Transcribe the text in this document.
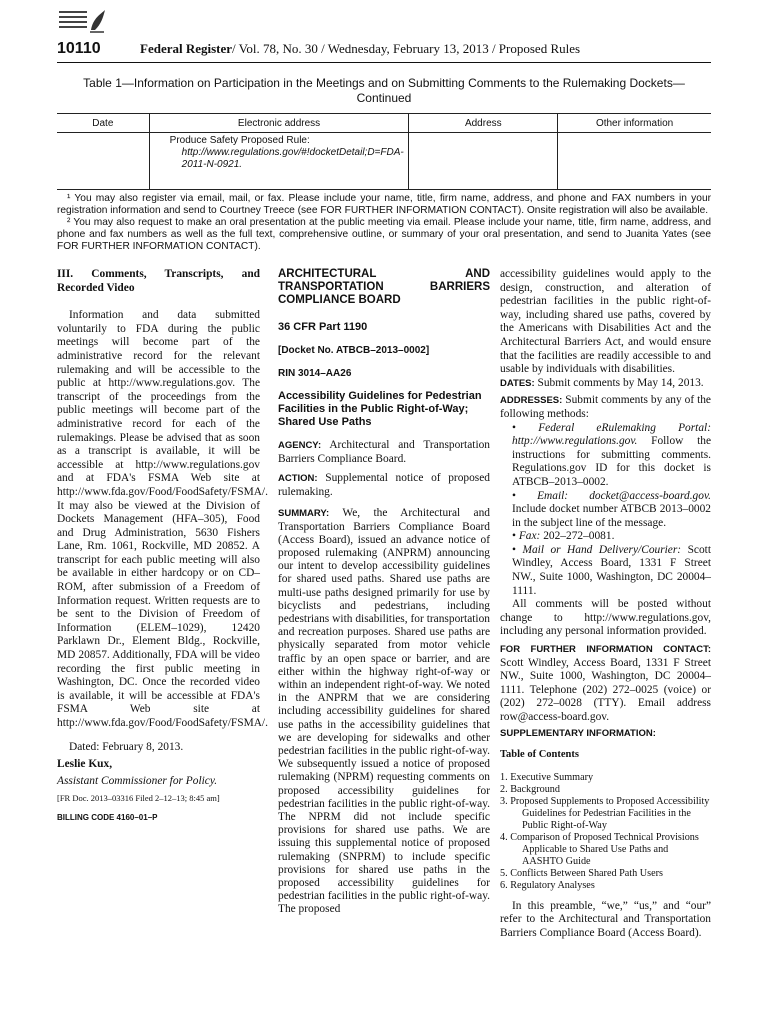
10110	Federal Register/ Vol. 78, No. 30 / Wednesday, February 13, 2013 / Proposed Rules
Table 1—Information on Participation in the Meetings and on Submitting Comments to the Rulemaking Dockets—Continued
Date	Electronic address	Address	Other information
	Produce Safety Proposed Rule:
http://www.regulations.gov/#!docketDetail;D=FDA-2011-N-0921.		

¹ You may also register via email, mail, or fax. Please include your name, title, firm name, address, and phone and FAX numbers in your registration information and send to Courtney Treece (see FOR FURTHER INFORMATION CONTACT). Onsite registration will also be available.

² You may also request to make an oral presentation at the public meeting via email. Please include your name, title, firm name, address, and phone and fax numbers as well as the full text, comprehensive outline, or summary of your oral presentation, and send to Juanita Yates (see FOR FURTHER INFORMATION CONTACT).

III. Comments, Transcripts, and Recorded Video

Information and data submitted voluntarily to FDA during the public meetings will become part of the administrative record for the relevant rulemaking and will be accessible to the public at http://www.regulations.gov. The transcript of the proceedings from the public meetings will become part of the administrative record for each of the rulemakings. Please be advised that as soon as a transcript is available, it will be accessible at http://www.regulations.gov and at FDA's FSMA Web site at http://www.fda.gov/Food/FoodSafety/FSMA/. It may also be viewed at the Division of Dockets Management (HFA–305), Food and Drug Administration, 5630 Fishers Lane, Rm. 1061, Rockville, MD 20852. A transcript for each public meeting will also be available in either hardcopy or on CD–ROM, after submission of a Freedom of Information request. Written requests are to be sent to the Division of Freedom of Information (ELEM–1029), 12420 Parklawn Dr., Element Bldg., Rockville, MD 20857. Additionally, FDA will be video recording the first public meeting in Washington, DC. Once the recorded video is available, it will be accessible at FDA's FSMA Web site at http://www.fda.gov/Food/FoodSafety/FSMA/.

Dated: February 8, 2013.

Leslie Kux,

Assistant Commissioner for Policy.

[FR Doc. 2013–03316 Filed 2–12–13; 8:45 am]

BILLING CODE 4160–01–P

ARCHITECTURAL AND TRANSPORTATION BARRIERS COMPLIANCE BOARD

36 CFR Part 1190

[Docket No. ATBCB–2013–0002]

RIN 3014–AA26

Accessibility Guidelines for Pedestrian Facilities in the Public Right-of-Way; Shared Use Paths

AGENCY: Architectural and Transportation Barriers Compliance Board.

ACTION: Supplemental notice of proposed rulemaking.

SUMMARY: We, the Architectural and Transportation Barriers Compliance Board (Access Board), issued an advance notice of proposed rulemaking (ANPRM) announcing our intent to develop accessibility guidelines for shared used paths. Shared use paths are multi-use paths designed primarily for use by bicyclists and pedestrians, including pedestrians with disabilities, for transportation and recreation purposes. Shared use paths are physically separated from motor vehicle traffic by an open space or barrier, and are either within the highway right-of-way or within an independent right-of-way. We noted in the ANPRM that we are considering including accessibility guidelines for shared use paths in the accessibility guidelines that we are developing for sidewalks and other pedestrian facilities in the public right-of-way. We subsequently issued a notice of proposed rulemaking (NPRM) requesting comments on proposed accessibility guidelines for pedestrian facilities in the public right-of-way. The NPRM did not include specific provisions for shared use paths. We are issuing this supplemental notice of proposed rulemaking (SNPRM) to include specific provisions for shared use paths in the proposed accessibility guidelines for pedestrian facilities in the public right-of-way. The proposed

accessibility guidelines would apply to the design, construction, and alteration of pedestrian facilities in the public right-of-way, including shared use paths, covered by the Americans with Disabilities Act and the Architectural Barriers Act, and would ensure that the facilities are readily accessible to and usable by individuals with disabilities.

DATES: Submit comments by May 14, 2013.

ADDRESSES: Submit comments by any of the following methods:

• Federal eRulemaking Portal: http://www.regulations.gov. Follow the instructions for submitting comments. Regulations.gov ID for this docket is ATBCB–2013–0002.

• Email: docket@access-board.gov. Include docket number ATBCB 2013–0002 in the subject line of the message.

• Fax: 202–272–0081.

• Mail or Hand Delivery/Courier: Scott Windley, Access Board, 1331 F Street NW., Suite 1000, Washington, DC 20004–1111.

All comments will be posted without change to http://www.regulations.gov, including any personal information provided.

FOR FURTHER INFORMATION CONTACT: Scott Windley, Access Board, 1331 F Street NW., Suite 1000, Washington, DC 20004–1111. Telephone (202) 272–0025 (voice) or (202) 272–0028 (TTY). Email address row@access-board.gov.

SUPPLEMENTARY INFORMATION:

Table of Contents

1. Executive Summary
2. Background
3. Proposed Supplements to Proposed Accessibility Guidelines for Pedestrian Facilities in the Public Right-of-Way
4. Comparison of Proposed Technical Provisions Applicable to Shared Use Paths and AASHTO Guide
5. Conflicts Between Shared Path Users
6. Regulatory Analyses

In this preamble, “we,” “us,” and “our” refer to the Architectural and Transportation Barriers Compliance Board (Access Board).
